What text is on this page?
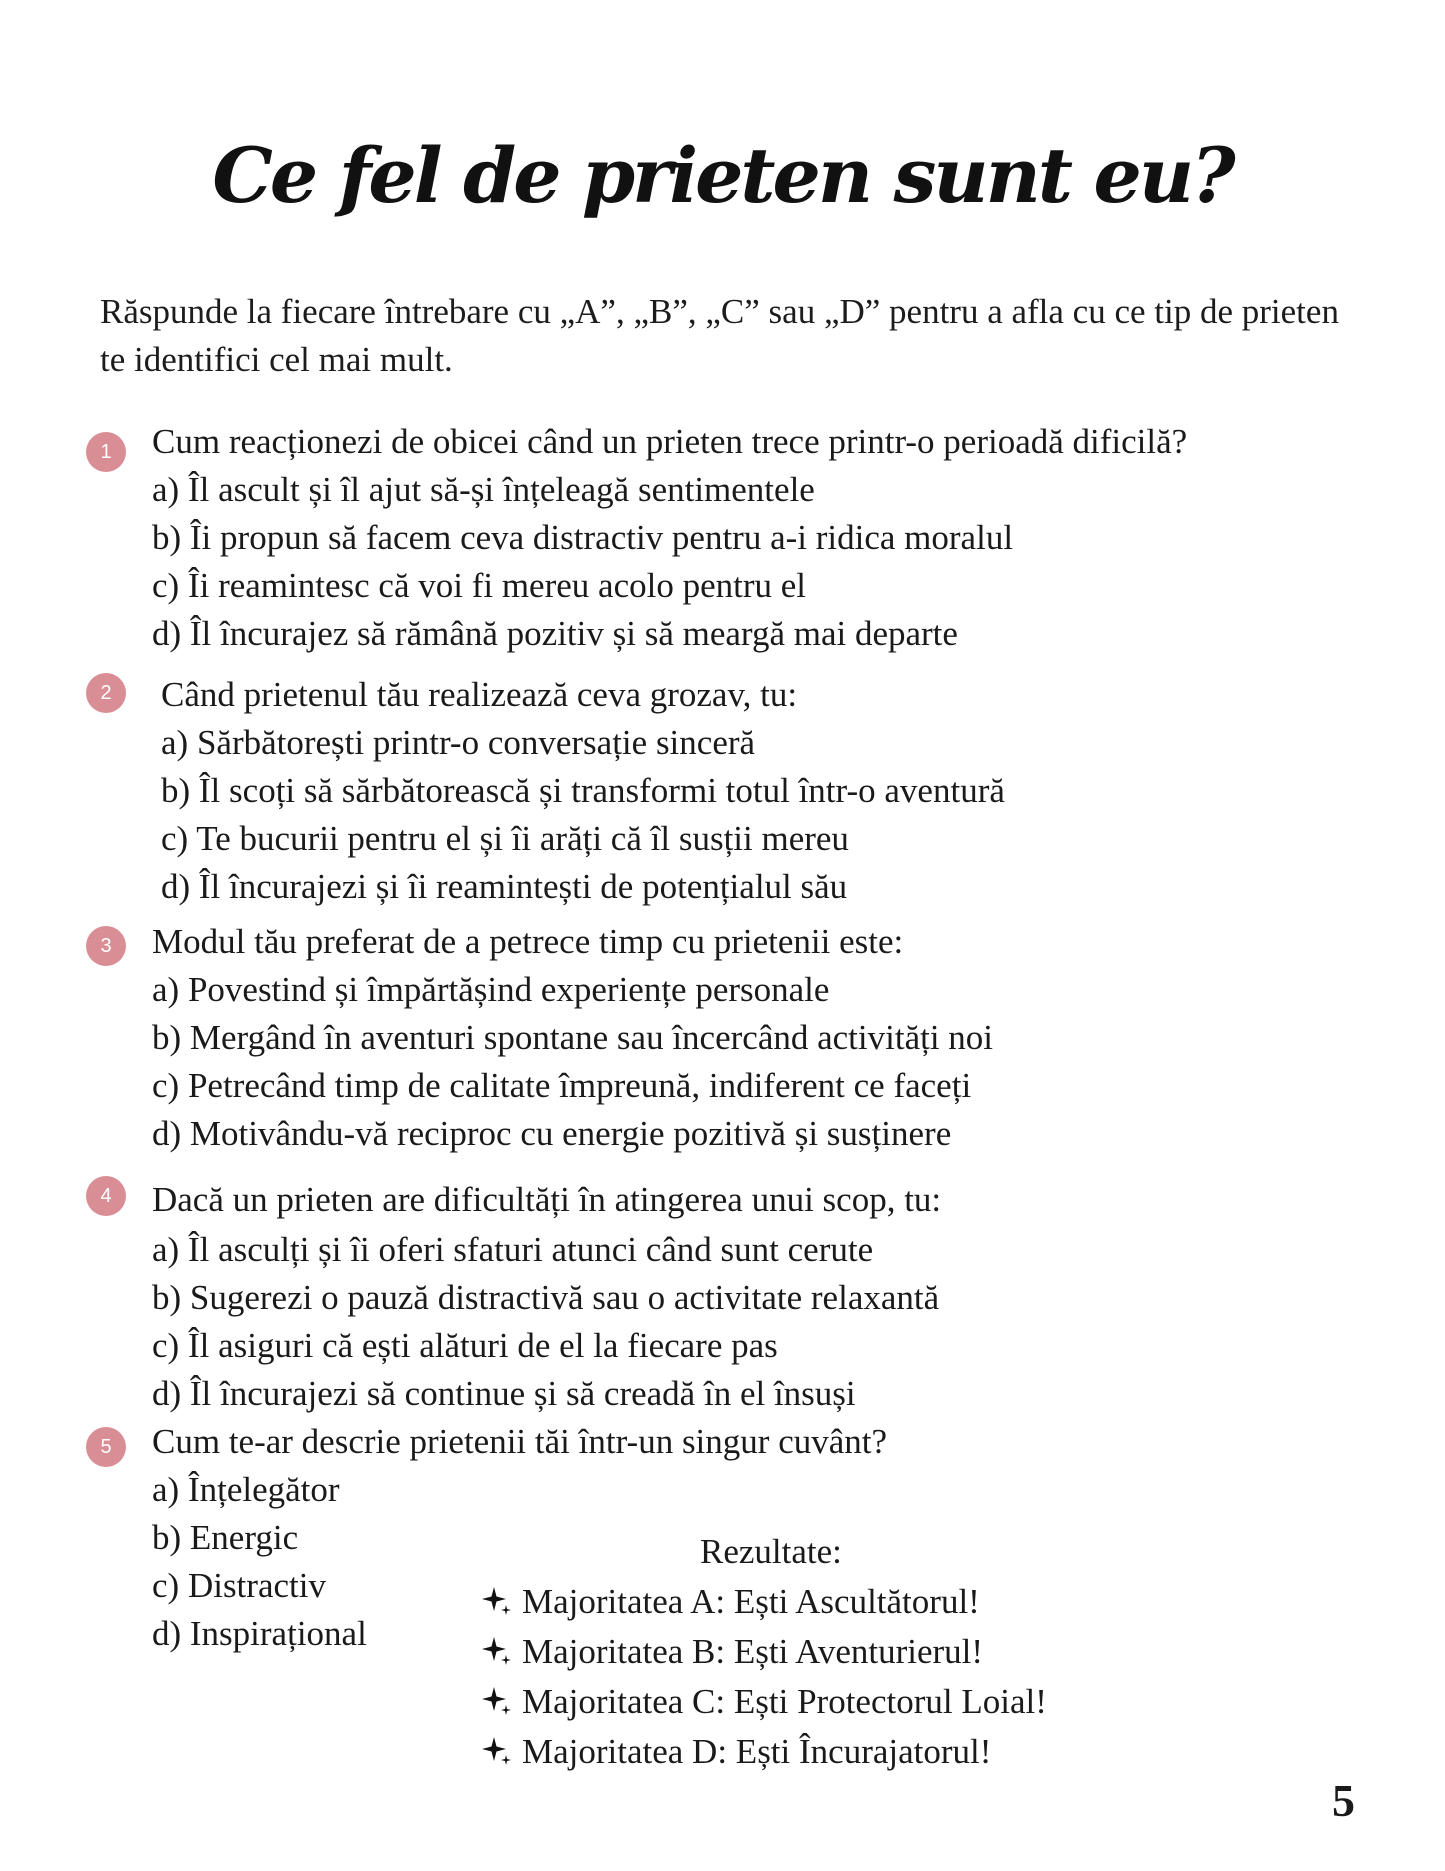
Ce fel de prieten sunt eu?
Răspunde la fiecare întrebare cu „A”, „B”, „C” sau „D” pentru a afla cu ce tip de prieten te identifici cel mai mult.
1	Cum reacționezi de obicei când un prieten trece printr-o perioadă dificilă?
a) Îl ascult și îl ajut să-și înțeleagă sentimentele
b) Îi propun să facem ceva distractiv pentru a-i ridica moralul
c) Îi reamintesc că voi fi mereu acolo pentru el
d) Îl încurajez să rămână pozitiv și să meargă mai departe
2	Când prietenul tău realizează ceva grozav, tu:
a) Sărbătorești printr-o conversație sinceră
b) Îl scoți să sărbătorească și transformi totul într-o aventură
c) Te bucurii pentru el și îi arăți că îl susții mereu
d) Îl încurajezi și îi reamintești de potențialul său
3	Modul tău preferat de a petrece timp cu prietenii este:
a) Povestind și împărtășind experiențe personale
b) Mergând în aventuri spontane sau încercând activități noi
c) Petrecând timp de calitate împreună, indiferent ce faceți
d) Motivându-vă reciproc cu energie pozitivă și susținere
4	Dacă un prieten are dificultăți în atingerea unui scop, tu:
a) Îl asculți și îi oferi sfaturi atunci când sunt cerute
b) Sugerezi o pauză distractivă sau o activitate relaxantă
c) Îl asiguri că ești alături de el la fiecare pas
d) Îl încurajezi să continue și să creadă în el însuși
5	Cum te-ar descrie prietenii tăi într-un singur cuvânt?
a) Înțelegător
b) Energic
c) Distractiv
d) Inspirațional
Rezultate:
Majoritatea A: Ești Ascultătorul!
Majoritatea B: Ești Aventurierul!
Majoritatea C: Ești Protectorul Loial!
Majoritatea D: Ești Încurajatorul!
5
